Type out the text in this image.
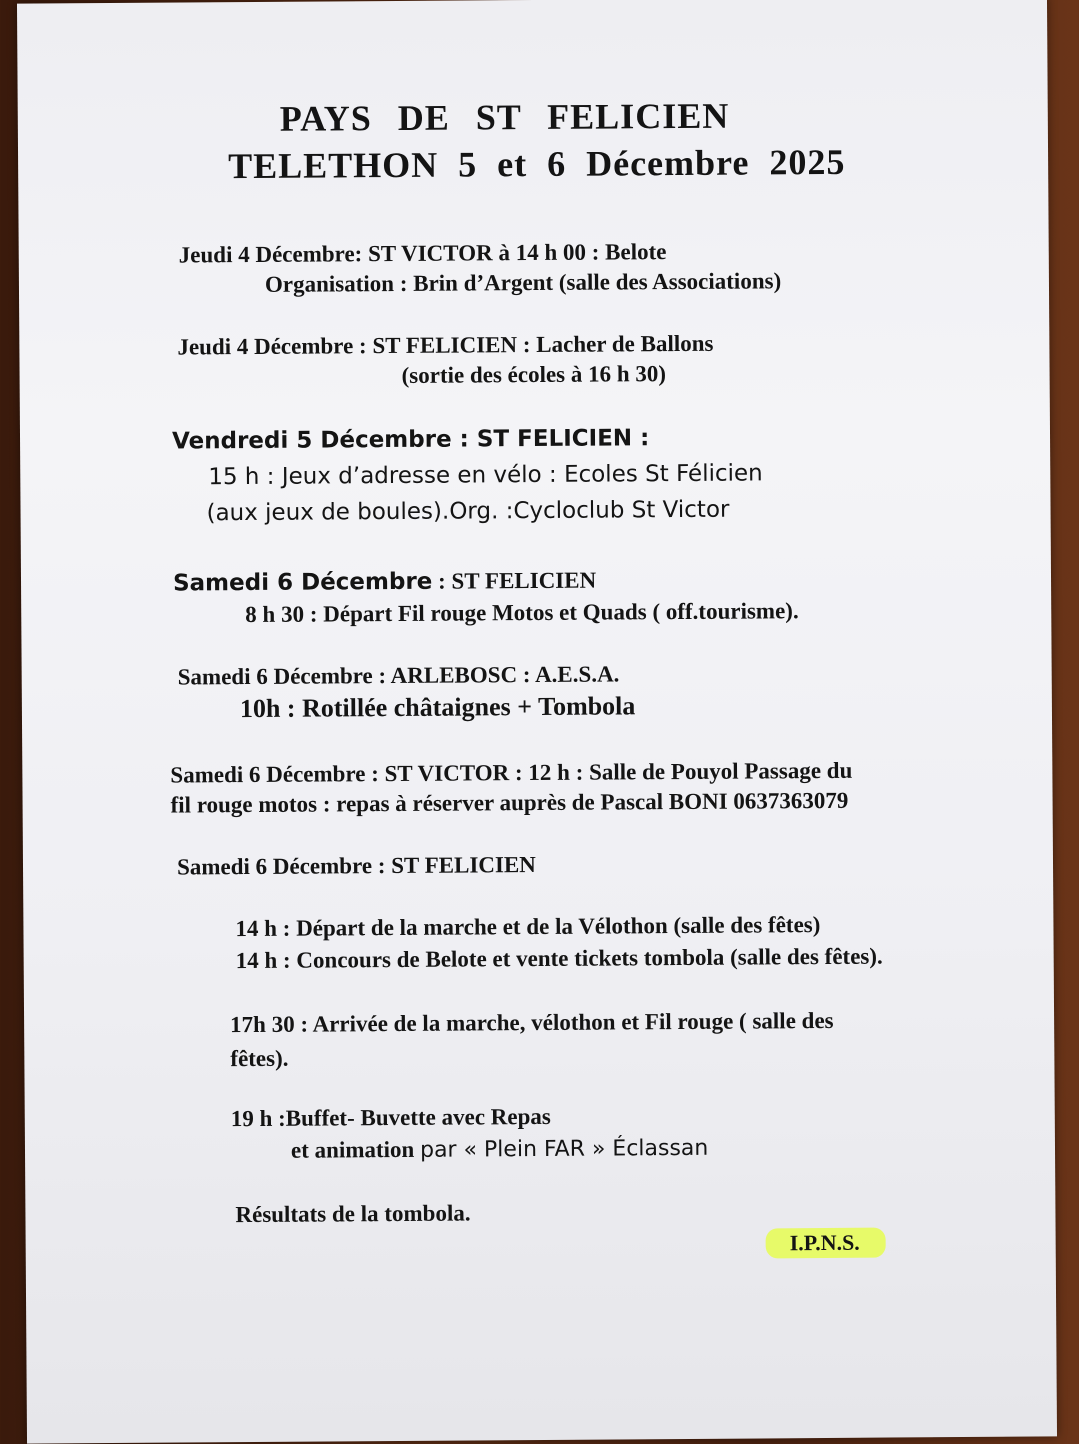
PAYS DE ST FELICIEN
TELETHON 5 et 6 Décembre 2025
Jeudi 4 Décembre: ST VICTOR à 14 h 00 : Belote
Organisation : Brin d’Argent (salle des Associations)
Jeudi 4 Décembre : ST FELICIEN : Lacher de Ballons
(sortie des écoles à 16 h 30)
Vendredi 5 Décembre : ST FELICIEN :
15 h : Jeux d’adresse en vélo : Ecoles St Félicien
(aux jeux de boules).Org. :Cycloclub St Victor
Samedi 6 Décembre : ST FELICIEN
8 h 30 : Départ Fil rouge Motos et Quads ( off.tourisme).
Samedi 6 Décembre : ARLEBOSC : A.E.S.A.
10h : Rotillée châtaignes + Tombola
Samedi 6 Décembre : ST VICTOR : 12 h : Salle de Pouyol Passage du
fil rouge motos : repas à réserver auprès de Pascal BONI 0637363079
Samedi 6 Décembre : ST FELICIEN
14 h : Départ de la marche et de la Vélothon (salle des fêtes)
14 h : Concours de Belote et vente tickets tombola (salle des fêtes).
17h 30 : Arrivée de la marche, vélothon et Fil rouge ( salle des
fêtes).
19 h :Buffet- Buvette avec Repas
et animation par « Plein FAR » Éclassan
Résultats de la tombola.
I.P.N.S.
